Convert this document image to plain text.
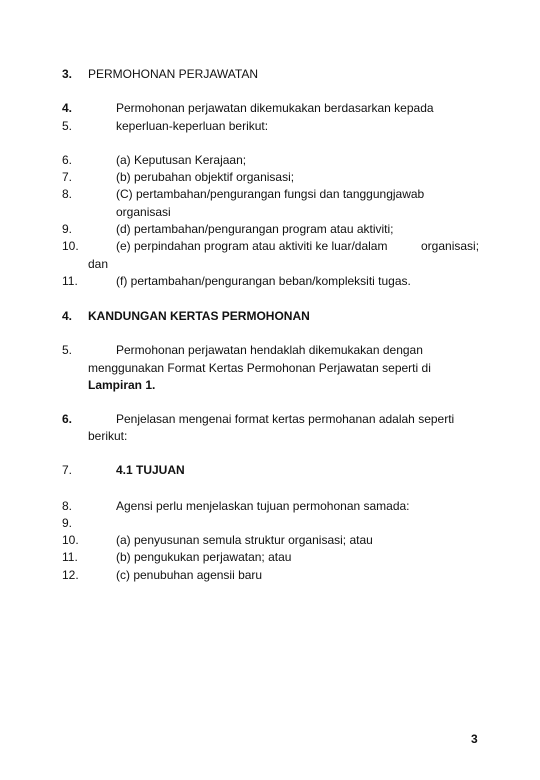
3. PERMOHONAN PERJAWATAN
4.	Permohonan perjawatan dikemukakan berdasarkan kepada
5.	keperluan-keperluan berikut:
6.	(a) Keputusan Kerajaan;
7.	(b) perubahan objektif organisasi;
8.	(C) pertambahan/pengurangan fungsi dan tanggungjawab
organisasi
9.	(d) pertambahan/pengurangan program atau aktiviti;
10.	(e) perpindahan program atau aktiviti ke luar/dalam	organisasi;
dan
11.	(f) pertambahan/pengurangan beban/kompleksiti tugas.
4. KANDUNGAN KERTAS PERMOHONAN
5.	Permohonan perjawatan hendaklah dikemukakan dengan
menggunakan Format Kertas Permohonan Perjawatan seperti di
Lampiran 1.
6.	Penjelasan mengenai format kertas permohanan adalah seperti
berikut:
7.	4.1 TUJUAN
8.	Agensi perlu menjelaskan tujuan permohonan samada:
9.
10.	(a) penyusunan semula struktur organisasi; atau
11.	(b) pengukukan perjawatan; atau
12.	(c) penubuhan agensii baru
3
